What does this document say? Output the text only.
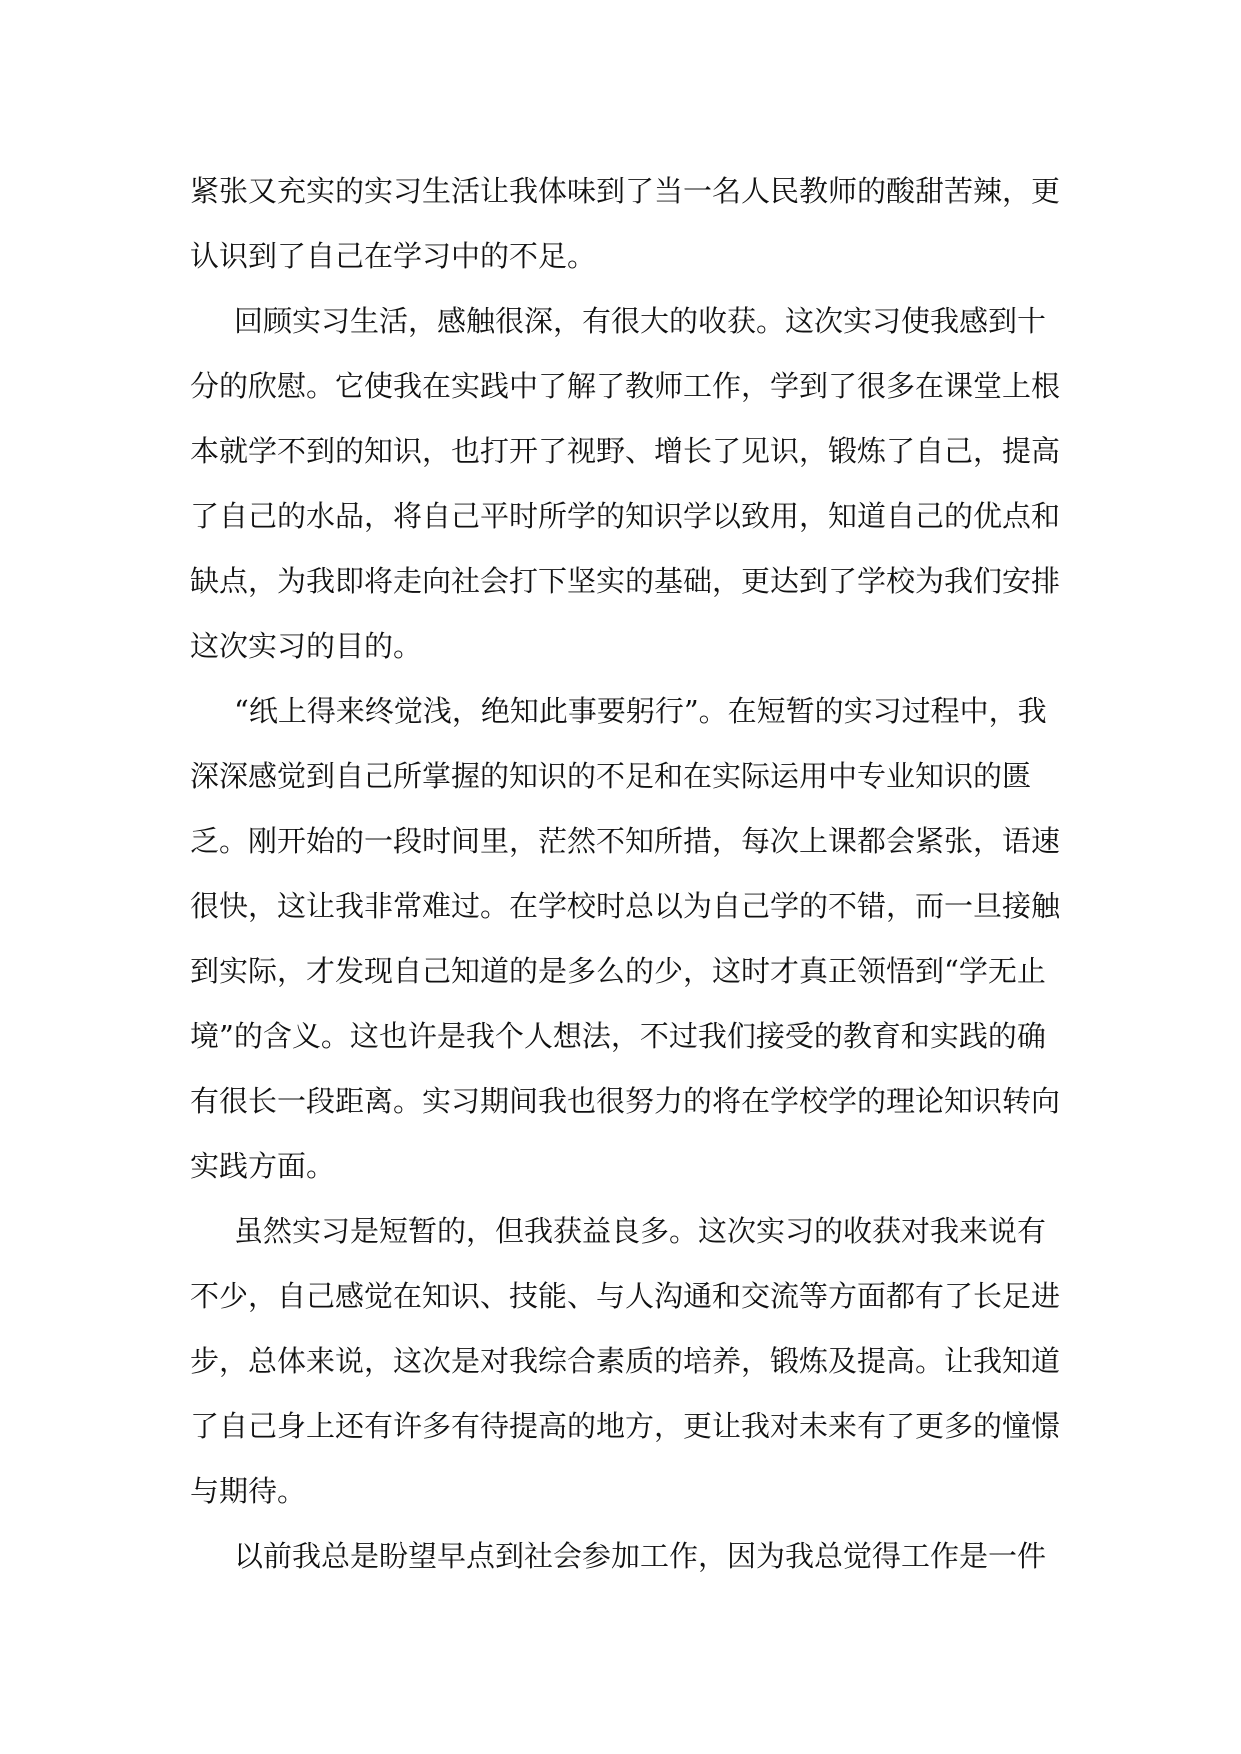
紧张又充实的实习生活让我体味到了当一名人民教师的酸甜苦辣，更
认识到了自己在学习中的不足。
回顾实习生活，感触很深，有很大的收获。这次实习使我感到十
分的欣慰。它使我在实践中了解了教师工作，学到了很多在课堂上根
本就学不到的知识，也打开了视野、增长了见识，锻炼了自己，提高
了自己的水品，将自己平时所学的知识学以致用，知道自己的优点和
缺点，为我即将走向社会打下坚实的基础，更达到了学校为我们安排
这次实习的目的。
“纸上得来终觉浅，绝知此事要躬行”。在短暂的实习过程中，我
深深感觉到自己所掌握的知识的不足和在实际运用中专业知识的匮
乏。刚开始的一段时间里，茫然不知所措，每次上课都会紧张，语速
很快，这让我非常难过。在学校时总以为自己学的不错，而一旦接触
到实际，才发现自己知道的是多么的少，这时才真正领悟到“学无止
境”的含义。这也许是我个人想法，不过我们接受的教育和实践的确
有很长一段距离。实习期间我也很努力的将在学校学的理论知识转向
实践方面。
虽然实习是短暂的，但我获益良多。这次实习的收获对我来说有
不少，自己感觉在知识、技能、与人沟通和交流等方面都有了长足进
步，总体来说，这次是对我综合素质的培养，锻炼及提高。让我知道
了自己身上还有许多有待提高的地方，更让我对未来有了更多的憧憬
与期待。
以前我总是盼望早点到社会参加工作，因为我总觉得工作是一件
